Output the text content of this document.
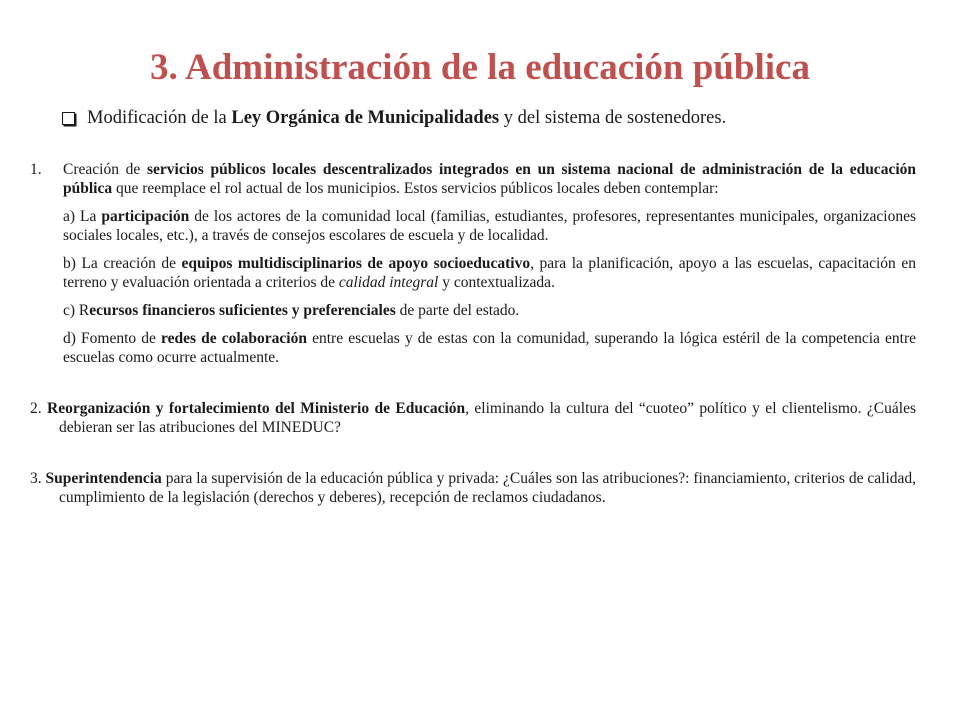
3. Administración de la educación pública
Modificación de la Ley Orgánica de Municipalidades y del sistema de sostenedores.
1.	Creación de servicios públicos locales descentralizados integrados en un sistema nacional de administración de la educación pública que reemplace el rol actual de los municipios. Estos servicios públicos locales deben contemplar:
a) La participación de los actores de la comunidad local (familias, estudiantes, profesores, representantes municipales, organizaciones sociales locales, etc.), a través de consejos escolares de escuela y de localidad.
b) La creación de equipos multidisciplinarios de apoyo socioeducativo, para la planificación, apoyo a las escuelas, capacitación en terreno y evaluación orientada a criterios de calidad integral y contextualizada.
c) Recursos financieros suficientes y preferenciales de parte del estado.
d) Fomento de redes de colaboración entre escuelas y de estas con la comunidad, superando la lógica estéril de la competencia entre escuelas como ocurre actualmente.
2. Reorganización y fortalecimiento del Ministerio de Educación, eliminando la cultura del “cuoteo” político y el clientelismo. ¿Cuáles debieran ser las atribuciones del MINEDUC?
3. Superintendencia para la supervisión de la educación pública y privada: ¿Cuáles son las atribuciones?: financiamiento, criterios de calidad, cumplimiento de la legislación (derechos y deberes), recepción de reclamos ciudadanos.
